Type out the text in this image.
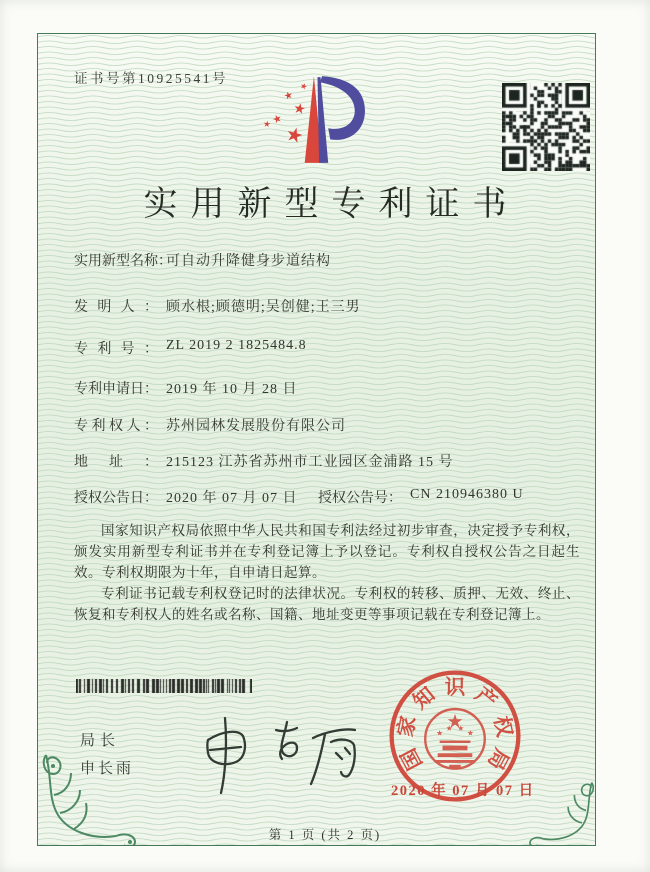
证书号第10925541号
实用新型专利证书
实用新型名称：可自动升降健身步道结构
发明人： 顾水根;顾德明;吴创健;王三男
专利号： ZL 2019 2 1825484.8
专利申请日： 2019 年 10 月 28 日
专利权人： 苏州园林发展股份有限公司
地址： 215123 江苏省苏州市工业园区金浦路 15 号
授权公告日： 2020 年 07 月 07 日 授权公告号： CN 210946380 U

国家知识产权局依照中华人民共和国专利法经过初步审查，决定授予专利权，颁发实用新型专利证书并在专利登记簿上予以登记。专利权自授权公告之日起生效。专利权期限为十年，自申请日起算。

专利证书记载专利权登记时的法律状况。专利权的转移、质押、无效、终止、恢复和专利权人的姓名或名称、国籍、地址变更等事项记载在专利登记簿上。

局长
申长雨	国
家
知 识 产
权
局
2020 年 07 月 07 日
第 1 页 (共 2 页)
